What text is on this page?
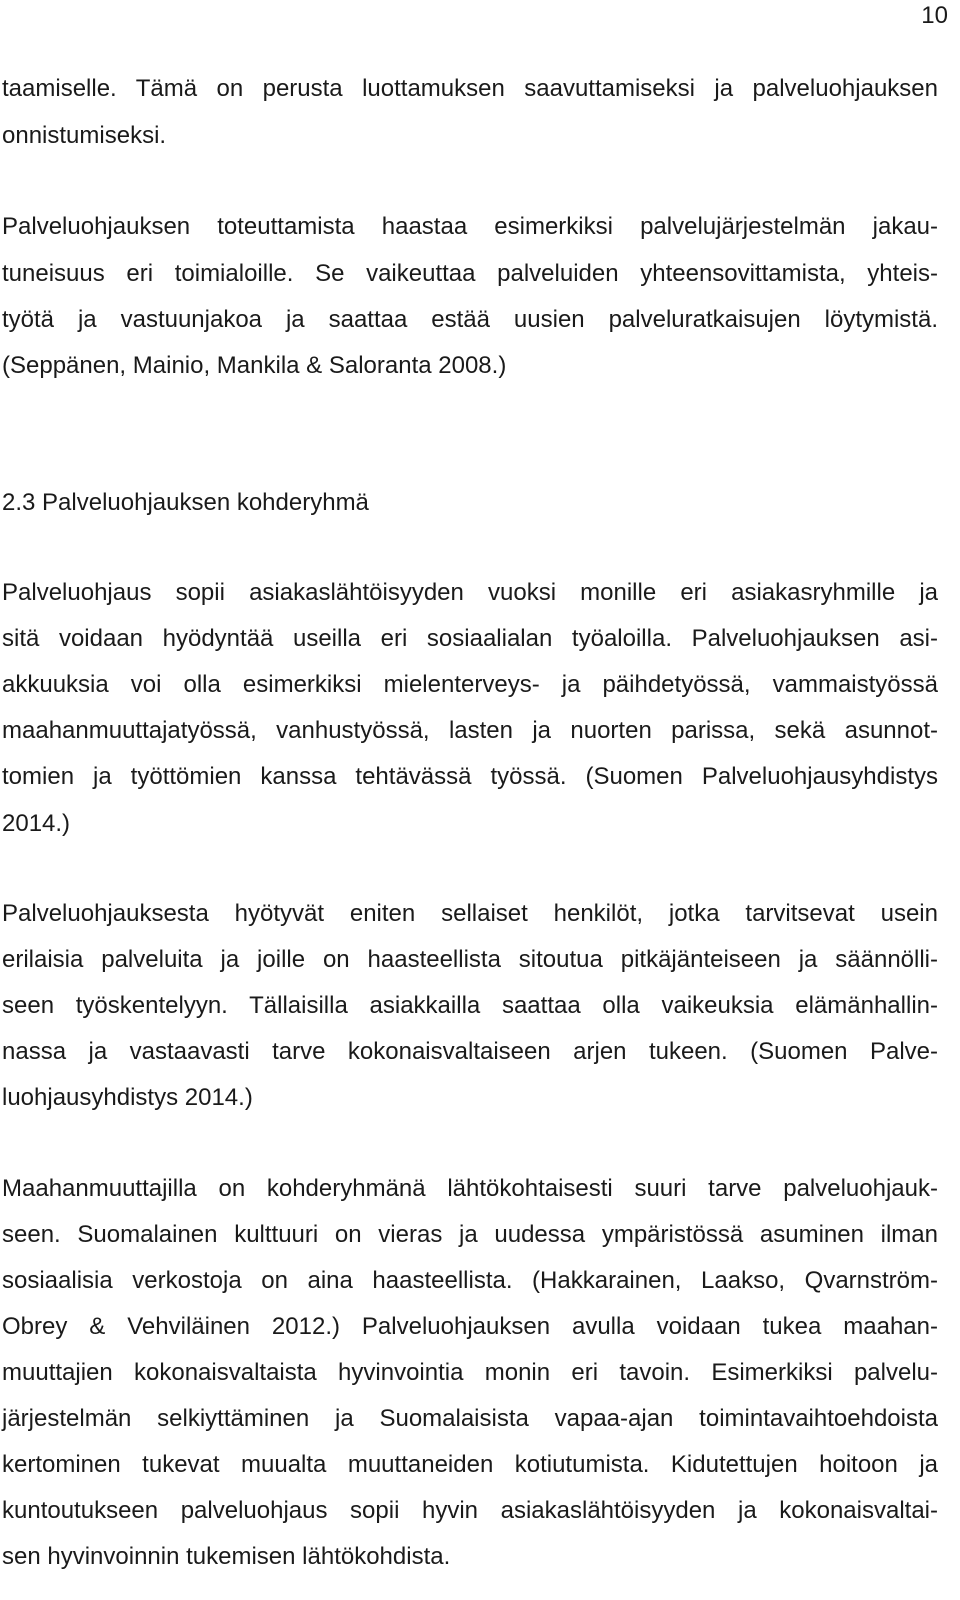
10
taamiselle. Tämä on perusta luottamuksen saavuttamiseksi ja palveluohjauksen
onnistumiseksi.
Palveluohjauksen toteuttamista haastaa esimerkiksi palvelujärjestelmän jakau-
tuneisuus eri toimialoille. Se vaikeuttaa palveluiden yhteensovittamista, yhteis-
työtä ja vastuunjakoa ja saattaa estää uusien palveluratkaisujen löytymistä.
(Seppänen, Mainio, Mankila & Saloranta 2008.)
2.3 Palveluohjauksen kohderyhmä
Palveluohjaus sopii asiakaslähtöisyyden vuoksi monille eri asiakasryhmille ja
sitä voidaan hyödyntää useilla eri sosiaalialan työaloilla. Palveluohjauksen asi-
akkuuksia voi olla esimerkiksi mielenterveys- ja päihdetyössä, vammaistyössä
maahanmuuttajatyössä, vanhustyössä, lasten ja nuorten parissa, sekä asunnot-
tomien ja työttömien kanssa tehtävässä työssä. (Suomen Palveluohjausyhdistys
2014.)
Palveluohjauksesta hyötyvät eniten sellaiset henkilöt, jotka tarvitsevat usein
erilaisia palveluita ja joille on haasteellista sitoutua pitkäjänteiseen ja säännölli-
seen työskentelyyn. Tällaisilla asiakkailla saattaa olla vaikeuksia elämänhallin-
nassa ja vastaavasti tarve kokonaisvaltaiseen arjen tukeen. (Suomen Palve-
luohjausyhdistys 2014.)
Maahanmuuttajilla on kohderyhmänä lähtökohtaisesti suuri tarve palveluohjauk-
seen. Suomalainen kulttuuri on vieras ja uudessa ympäristössä asuminen ilman
sosiaalisia verkostoja on aina haasteellista. (Hakkarainen, Laakso, Qvarnström-
Obrey & Vehviläinen 2012.) Palveluohjauksen avulla voidaan tukea maahan-
muuttajien kokonaisvaltaista hyvinvointia monin eri tavoin. Esimerkiksi palvelu-
järjestelmän selkiyttäminen ja Suomalaisista vapaa-ajan toimintavaihtoehdoista
kertominen tukevat muualta muuttaneiden kotiutumista. Kidutettujen hoitoon ja
kuntoutukseen palveluohjaus sopii hyvin asiakaslähtöisyyden ja kokonaisvaltai-
sen hyvinvoinnin tukemisen lähtökohdista.
